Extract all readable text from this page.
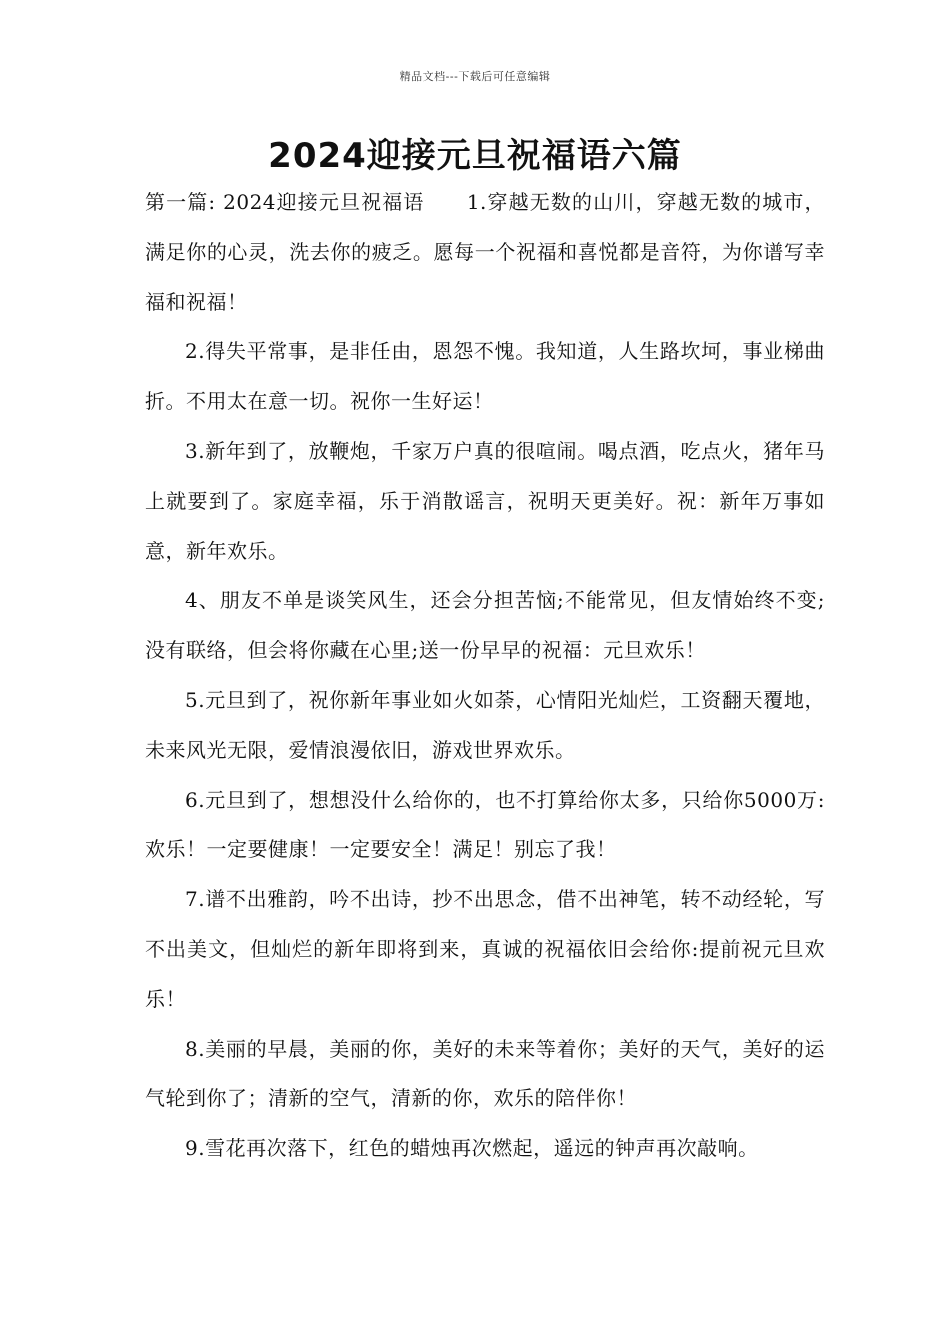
精品文档---下载后可任意编辑
2024迎接元旦祝福语六篇

第一篇: 2024迎接元旦祝福语　　1.穿越无数的山川，穿越无数的城市，满足你的心灵，洗去你的疲乏。愿每一个祝福和喜悦都是音符，为你谱写幸福和祝福！

2.得失平常事，是非任由，恩怨不愧。我知道，人生路坎坷，事业梯曲折。不用太在意一切。祝你一生好运！

3.新年到了，放鞭炮，千家万户真的很喧闹。喝点酒，吃点火，猪年马上就要到了。家庭幸福，乐于消散谣言，祝明天更美好。祝：新年万事如意，新年欢乐。

4、朋友不单是谈笑风生，还会分担苦恼;不能常见，但友情始终不变;没有联络，但会将你藏在心里;送一份早早的祝福：元旦欢乐！

5.元旦到了，祝你新年事业如火如荼，心情阳光灿烂，工资翻天覆地，未来风光无限，爱情浪漫依旧，游戏世界欢乐。

6.元旦到了，想想没什么给你的，也不打算给你太多，只给你5000万:欢乐！一定要健康！一定要安全！满足！别忘了我！

7.谱不出雅韵，吟不出诗，抄不出思念，借不出神笔，转不动经轮，写不出美文，但灿烂的新年即将到来，真诚的祝福依旧会给你:提前祝元旦欢乐！

8.美丽的早晨，美丽的你，美好的未来等着你；美好的天气，美好的运气轮到你了；清新的空气，清新的你，欢乐的陪伴你！

9.雪花再次落下，红色的蜡烛再次燃起，遥远的钟声再次敲响。
